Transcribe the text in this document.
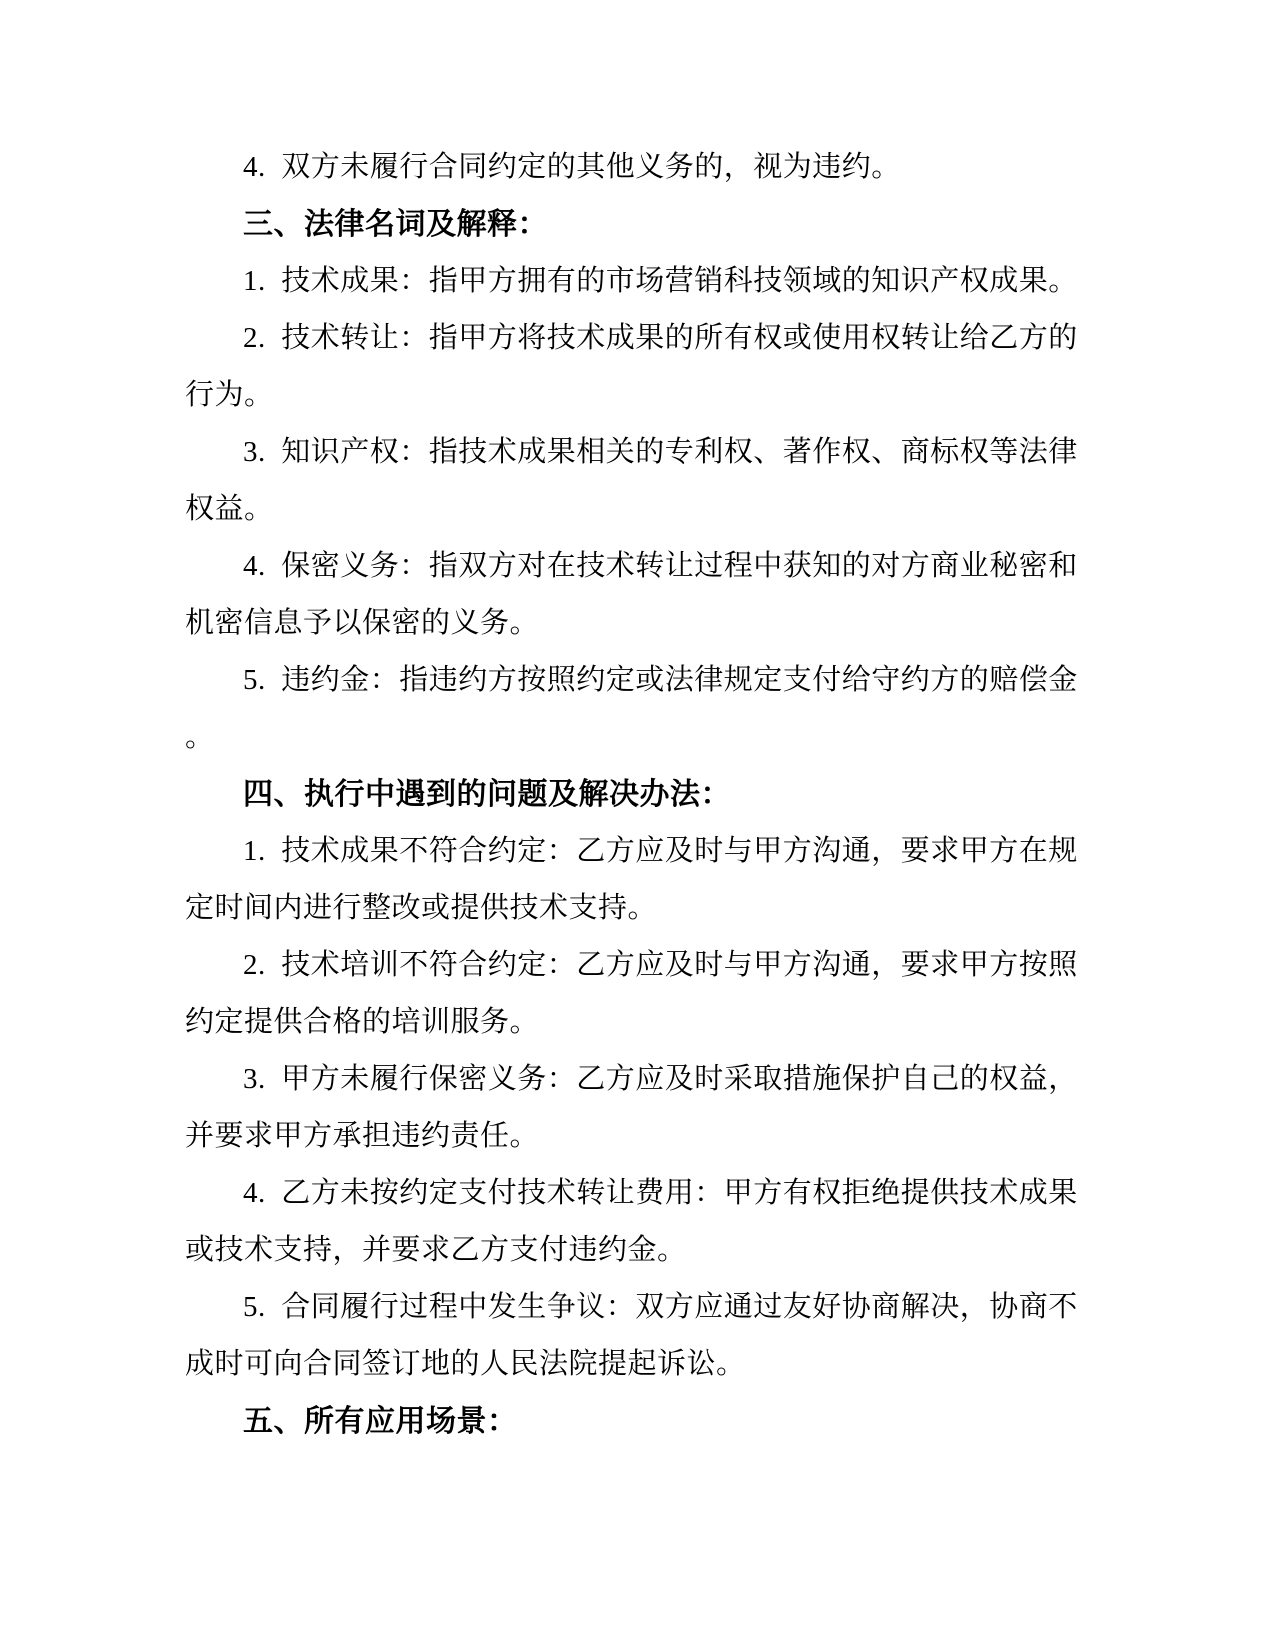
4.  双方未履行合同约定的其他义务的，视为违约。
三、法律名词及解释：
1.  技术成果：指甲方拥有的市场营销科技领域的知识产权成果。
2.  技术转让：指甲方将技术成果的所有权或使用权转让给乙方的
行为。
3.  知识产权：指技术成果相关的专利权、著作权、商标权等法律
权益。
4.  保密义务：指双方对在技术转让过程中获知的对方商业秘密和
机密信息予以保密的义务。
5.  违约金：指违约方按照约定或法律规定支付给守约方的赔偿金
。
四、执行中遇到的问题及解决办法：
1.  技术成果不符合约定：乙方应及时与甲方沟通，要求甲方在规
定时间内进行整改或提供技术支持。
2.  技术培训不符合约定：乙方应及时与甲方沟通，要求甲方按照
约定提供合格的培训服务。
3.  甲方未履行保密义务：乙方应及时采取措施保护自己的权益，
并要求甲方承担违约责任。
4.  乙方未按约定支付技术转让费用：甲方有权拒绝提供技术成果
或技术支持，并要求乙方支付违约金。
5.  合同履行过程中发生争议：双方应通过友好协商解决，协商不
成时可向合同签订地的人民法院提起诉讼。
五、所有应用场景：
